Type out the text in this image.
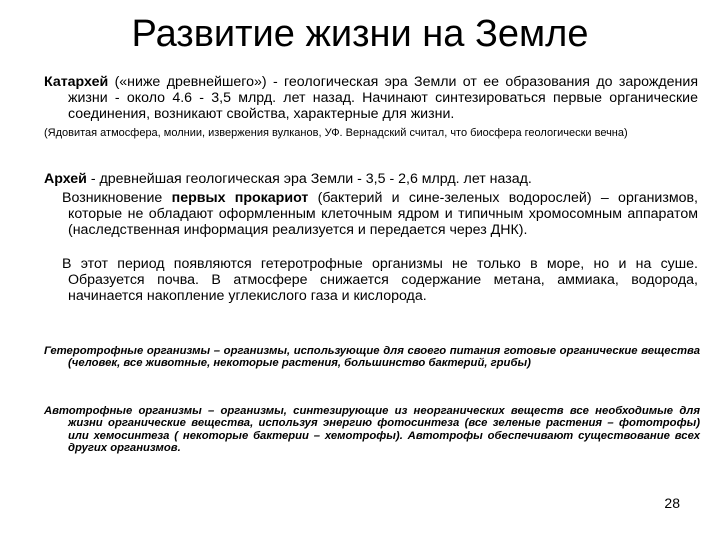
Развитие жизни на Земле

Катархей («ниже древнейшего») - геологическая эра Земли от ее образования до зарождения жизни - около 4.6 - 3,5 млрд. лет назад. Начинают синтезироваться первые органические соединения, возникают свойства, характерные для жизни.

(Ядовитая атмосфера, молнии, извержения вулканов, УФ. Вернадский считал, что биосфера геологически вечна)

Архей - древнейшая геологическая эра Земли - 3,5 - 2,6 млрд. лет назад.

Возникновение первых прокариот (бактерий и сине-зеленых водорослей) – организмов, которые не обладают оформленным клеточным ядром и типичным хромосомным аппаратом (наследственная информация реализуется и передается через ДНК).

В этот период появляются гетеротрофные организмы не только в море, но и на суше. Образуется почва. В атмосфере снижается содержание метана, аммиака, водорода, начинается накопление углекислого газа и кислорода.

Гетеротрофные организмы – организмы, использующие для своего питания готовые органические вещества (человек, все животные, некоторые растения, большинство бактерий, грибы)

Автотрофные организмы – организмы, синтезирующие из неорганических веществ все необходимые для жизни органические вещества, используя энергию фотосинтеза (все зеленые растения – фототрофы) или хемосинтеза ( некоторые бактерии – хемотрофы). Автотрофы обеспечивают существование всех других организмов.

28
